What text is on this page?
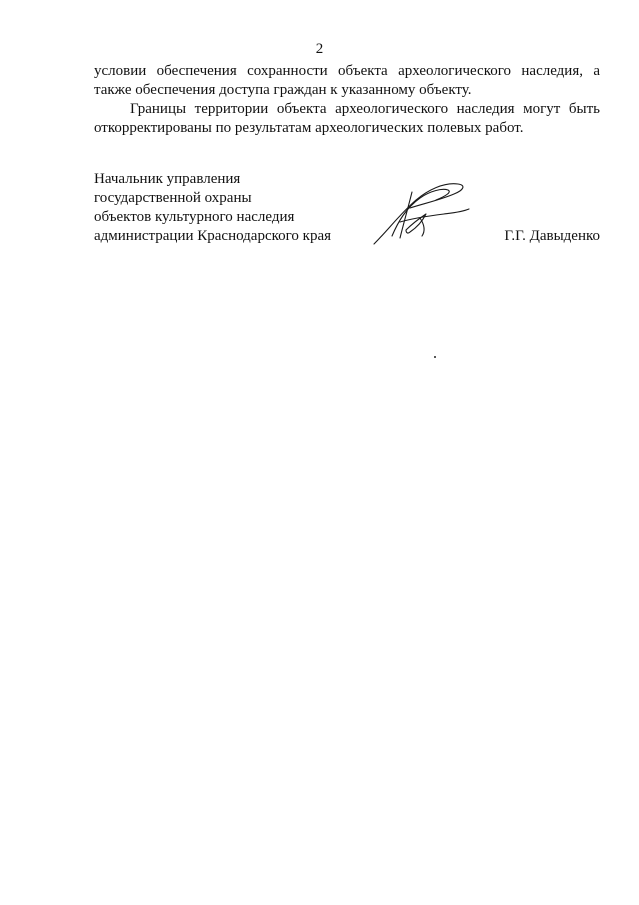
2

условии обеспечения сохранности объекта археологического наследия, а также обеспечения доступа граждан к указанному объекту.

Границы территории объекта археологического наследия могут быть откорректированы по результатам археологических полевых работ.

Начальник управления
государственной охраны
объектов культурного наследия
администрации Краснодарского края	Г.Г. Давыденко
